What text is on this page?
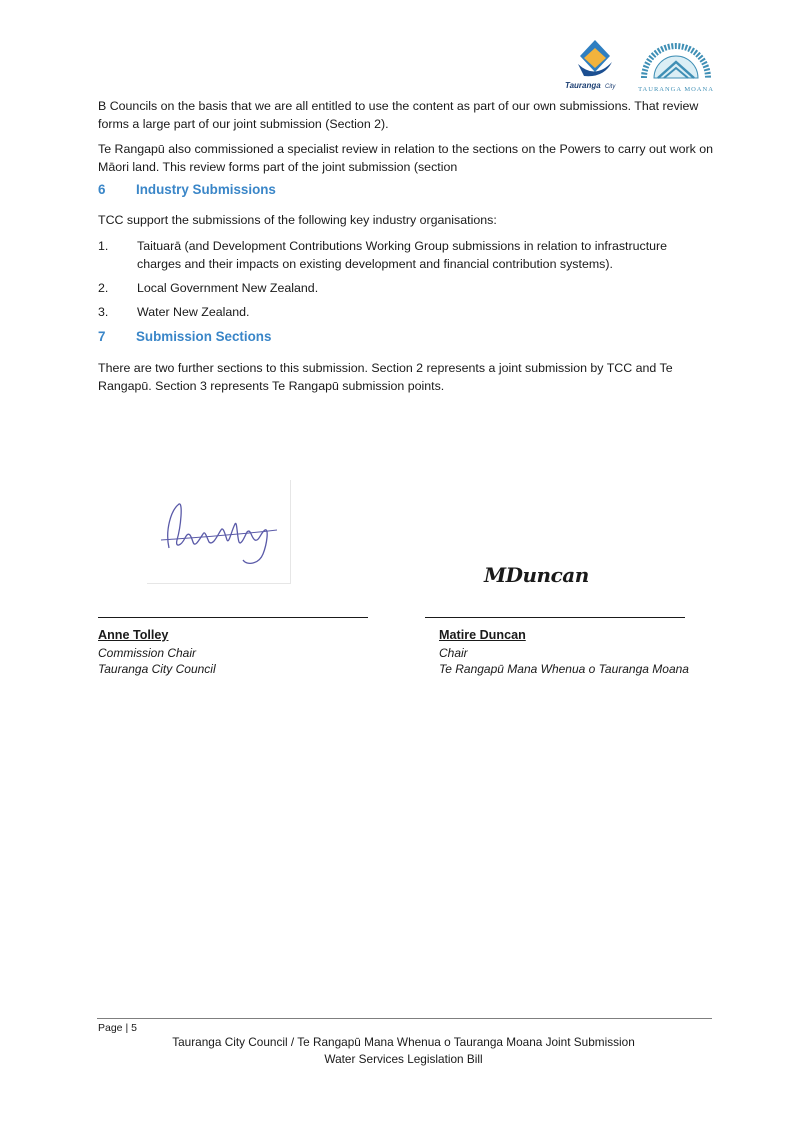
Tauranga City	TAURANGA MOANA

B Councils on the basis that we are all entitled to use the content as part of our own submissions. That review forms a large part of our joint submission (Section 2).

Te Rangapū also commissioned a specialist review in relation to the sections on the Powers to carry out work on Māori land. This review forms part of the joint submission (section

6 Industry Submissions

TCC support the submissions of the following key industry organisations:

1. Taituarā (and Development Contributions Working Group submissions in relation to infrastructure charges and their impacts on existing development and financial contribution systems).
2. Local Government New Zealand.
3. Water New Zealand.
7 Submission Sections

There are two further sections to this submission. Section 2 represents a joint submission by TCC and Te Rangapū. Section 3 represents Te Rangapū submission points.

MDuncan
Anne Tolley
Commission Chair
Tauranga City Council
Matire Duncan
Chair
Te Rangapū Mana Whenua o Tauranga Moana
Page | 5
Tauranga City Council / Te Rangapū Mana Whenua o Tauranga Moana Joint Submission
Water Services Legislation Bill
